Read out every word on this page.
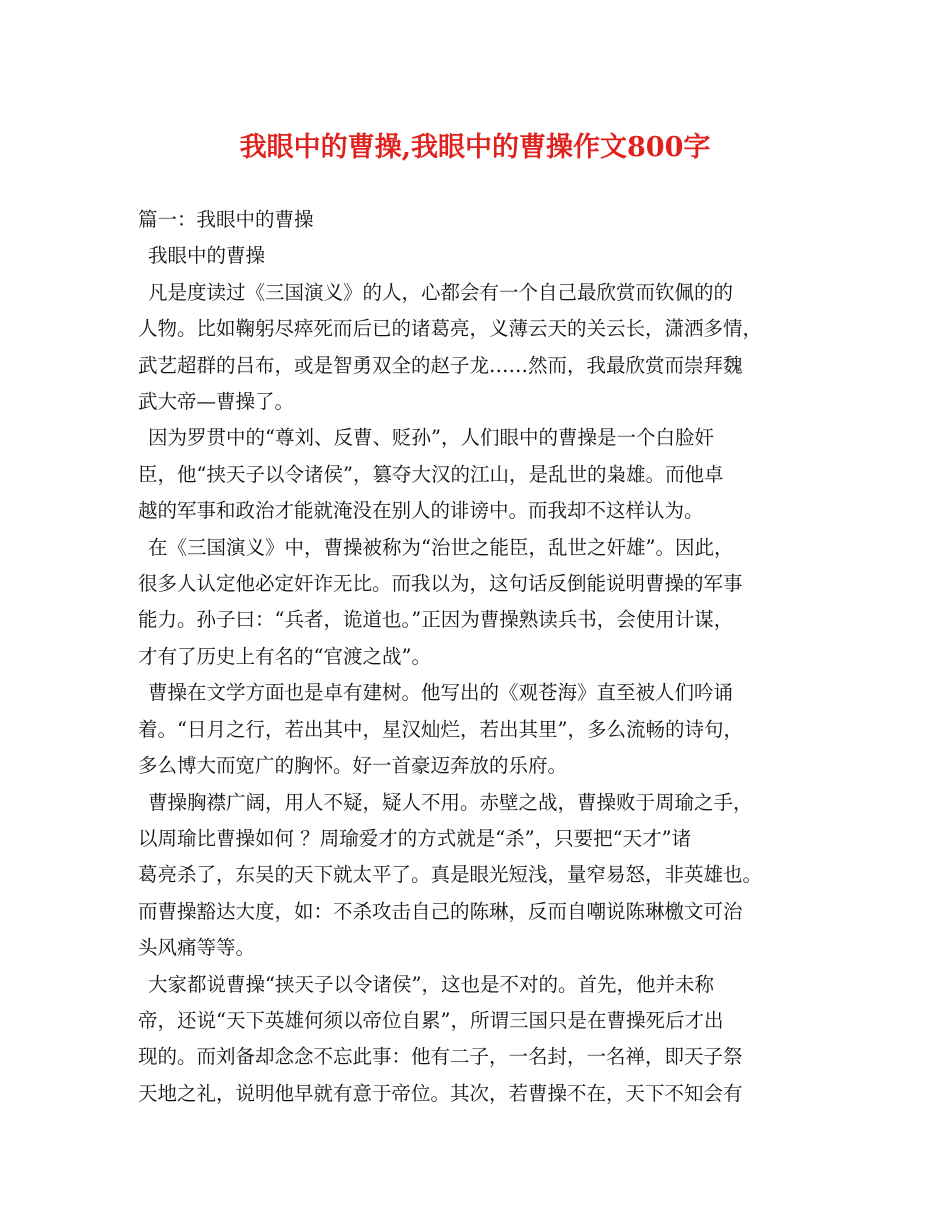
我眼中的曹操,我眼中的曹操作文800字
篇一：我眼中的曹操
我眼中的曹操

凡是度读过《三国演义》的人，心都会有一个自己最欣赏而钦佩的的
人物。比如鞠躬尽瘁死而后已的诸葛亮，义薄云天的关云长，潇洒多情，
武艺超群的吕布，或是智勇双全的赵子龙……然而，我最欣赏而崇拜魏
武大帝—曹操了。

因为罗贯中的“尊刘、反曹、贬孙”，人们眼中的曹操是一个白脸奸
臣，他“挟天子以令诸侯”，篡夺大汉的江山，是乱世的枭雄。而他卓
越的军事和政治才能就淹没在别人的诽谤中。而我却不这样认为。

在《三国演义》中，曹操被称为“治世之能臣，乱世之奸雄”。因此，
很多人认定他必定奸诈无比。而我以为，这句话反倒能说明曹操的军事
能力。孙子曰：“兵者，诡道也。”正因为曹操熟读兵书，会使用计谋，
才有了历史上有名的“官渡之战”。

曹操在文学方面也是卓有建树。他写出的《观苍海》直至被人们吟诵
着。“日月之行，若出其中，星汉灿烂，若出其里”，多么流畅的诗句，
多么博大而宽广的胸怀。好一首豪迈奔放的乐府。

曹操胸襟广阔，用人不疑，疑人不用。赤壁之战，曹操败于周瑜之手，
以周瑜比曹操如何 ？周瑜爱才的方式就是“杀”，只要把“天才”诸
葛亮杀了，东吴的天下就太平了。真是眼光短浅，量窄易怒，非英雄也。
而曹操豁达大度，如：不杀攻击自己的陈琳，反而自嘲说陈琳檄文可治
头风痛等等。

大家都说曹操“挟天子以令诸侯”，这也是不对的。首先，他并未称
帝，还说“天下英雄何须以帝位自累”，所谓三国只是在曹操死后才出
现的。而刘备却念念不忘此事：他有二子，一名封，一名禅，即天子祭
天地之礼，说明他早就有意于帝位。其次，若曹操不在，天下不知会有
